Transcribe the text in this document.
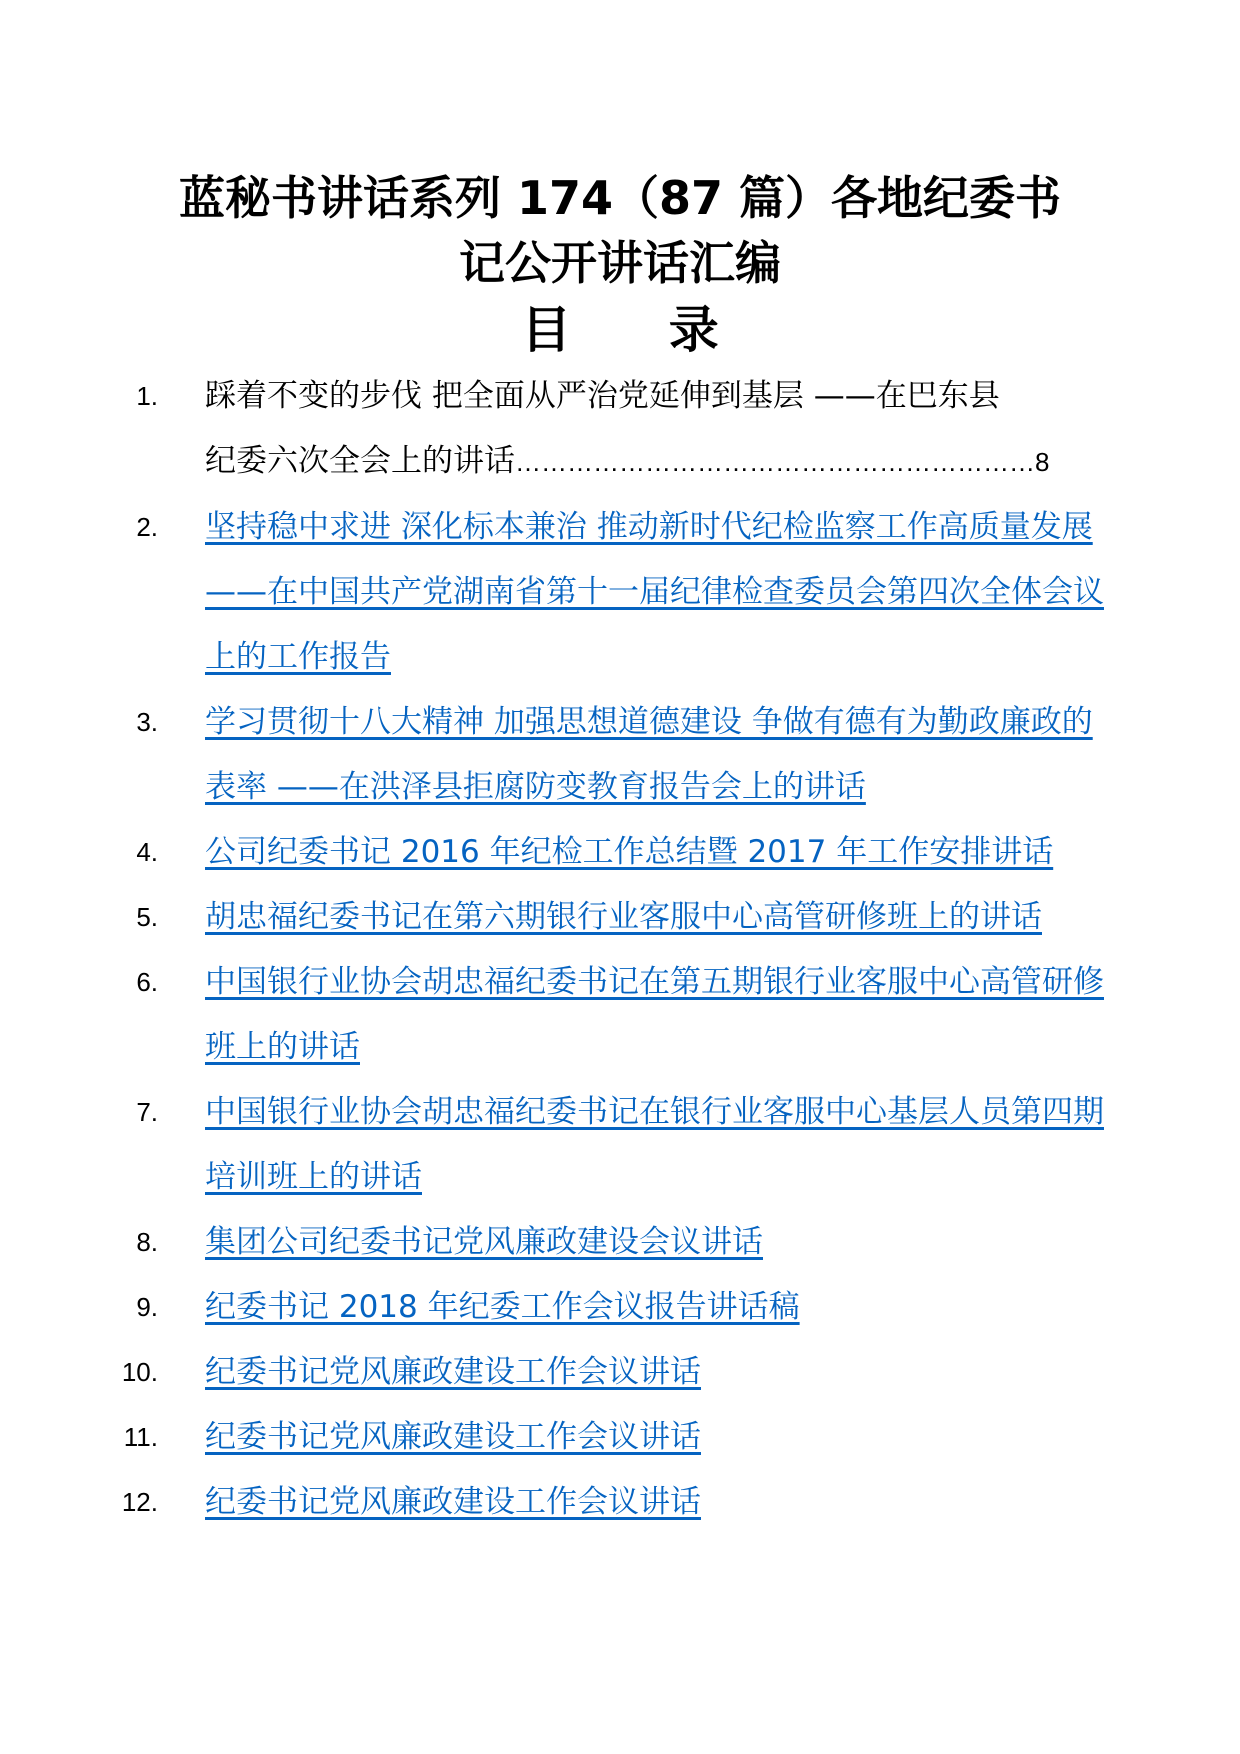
蓝秘书讲话系列 174（87 篇）各地纪委书
记公开讲话汇编
目 录
1. 踩着不变的步伐 把全面从严治党延伸到基层 ——在巴东县
纪委六次全会上的讲话……………………………………………………8
2. 坚持稳中求进 深化标本兼治 推动新时代纪检监察工作高质量发展 ——在中国共产党湖南省第十一届纪律检查委员会第四次全体会议上的工作报告
3. 学习贯彻十八大精神 加强思想道德建设 争做有德有为勤政廉政的表率 ——在洪泽县拒腐防变教育报告会上的讲话
4. 公司纪委书记 2016 年纪检工作总结暨 2017 年工作安排讲话
5. 胡忠福纪委书记在第六期银行业客服中心高管研修班上的讲话
6. 中国银行业协会胡忠福纪委书记在第五期银行业客服中心高管研修班上的讲话
7. 中国银行业协会胡忠福纪委书记在银行业客服中心基层人员第四期培训班上的讲话
8. 集团公司纪委书记党风廉政建设会议讲话
9. 纪委书记 2018 年纪委工作会议报告讲话稿
10. 纪委书记党风廉政建设工作会议讲话
11. 纪委书记党风廉政建设工作会议讲话
12. 纪委书记党风廉政建设工作会议讲话
